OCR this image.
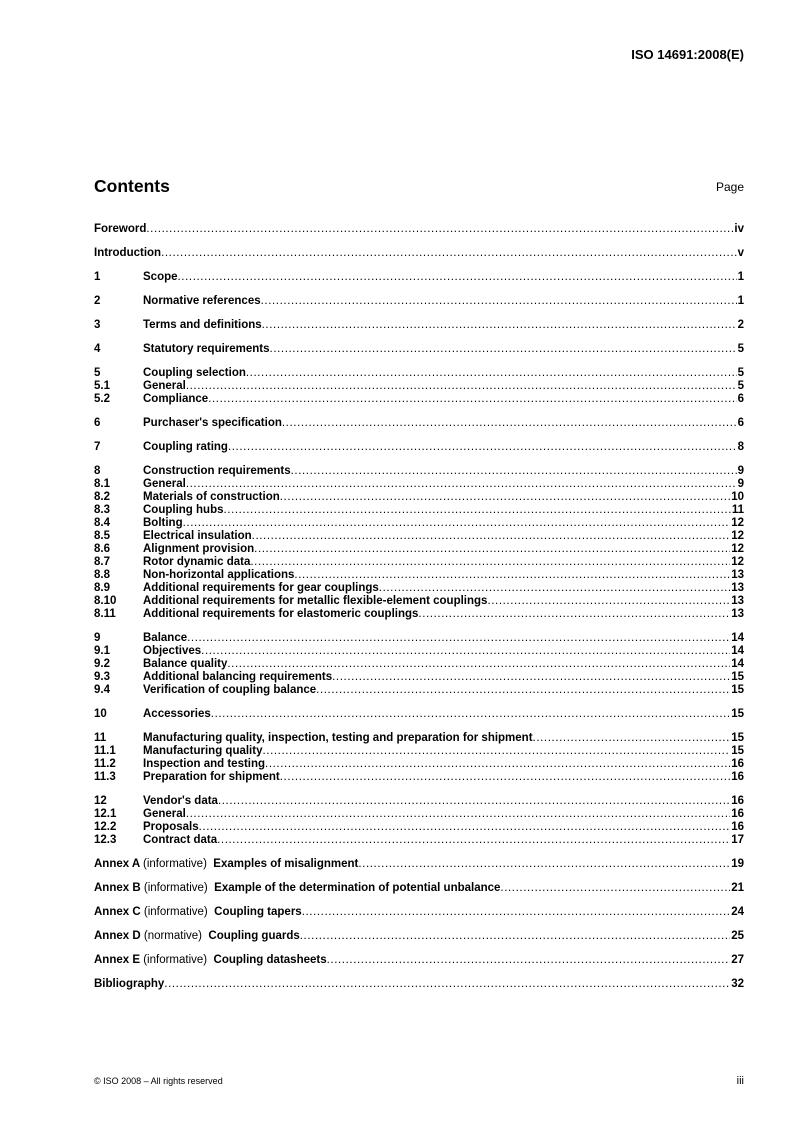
ISO 14691:2008(E)
Contents	Page
Foreword .....	iv
Introduction .....	v
1	Scope .....	1
2	Normative references .....	1
3	Terms and definitions .....	2
4	Statutory requirements .....	5
5	Coupling selection .....	5
5.1	General .....	5
5.2	Compliance .....	6
6	Purchaser's specification .....	6
7	Coupling rating .....	8
8	Construction requirements .....	9
8.1	General .....	9
8.2	Materials of construction .....	10
8.3	Coupling hubs .....	11
8.4	Bolting .....	12
8.5	Electrical insulation .....	12
8.6	Alignment provision .....	12
8.7	Rotor dynamic data .....	12
8.8	Non-horizontal applications .....	13
8.9	Additional requirements for gear couplings .....	13
8.10 Additional requirements for metallic flexible-element couplings .....	13
8.11 Additional requirements for elastomeric couplings .....	13
9	Balance .....	14
9.1	Objectives .....	14
9.2	Balance quality .....	14
9.3	Additional balancing requirements .....	15
9.4	Verification of coupling balance .....	15
10	Accessories .....	15
11	Manufacturing quality, inspection, testing and preparation for shipment .....	15
11.1 Manufacturing quality .....	15
11.2 Inspection and testing .....	16
11.3 Preparation for shipment .....	16
12	Vendor's data .....	16
12.1 General .....	16
12.2 Proposals .....	16
12.3 Contract data .....	17
Annex A (informative) Examples of misalignment .....	19
Annex B (informative) Example of the determination of potential unbalance .....	21
Annex C (informative) Coupling tapers .....	24
Annex D (normative) Coupling guards .....	25
Annex E (informative) Coupling datasheets .....	27
Bibliography .....	32
© ISO 2008 – All rights reserved	iii
